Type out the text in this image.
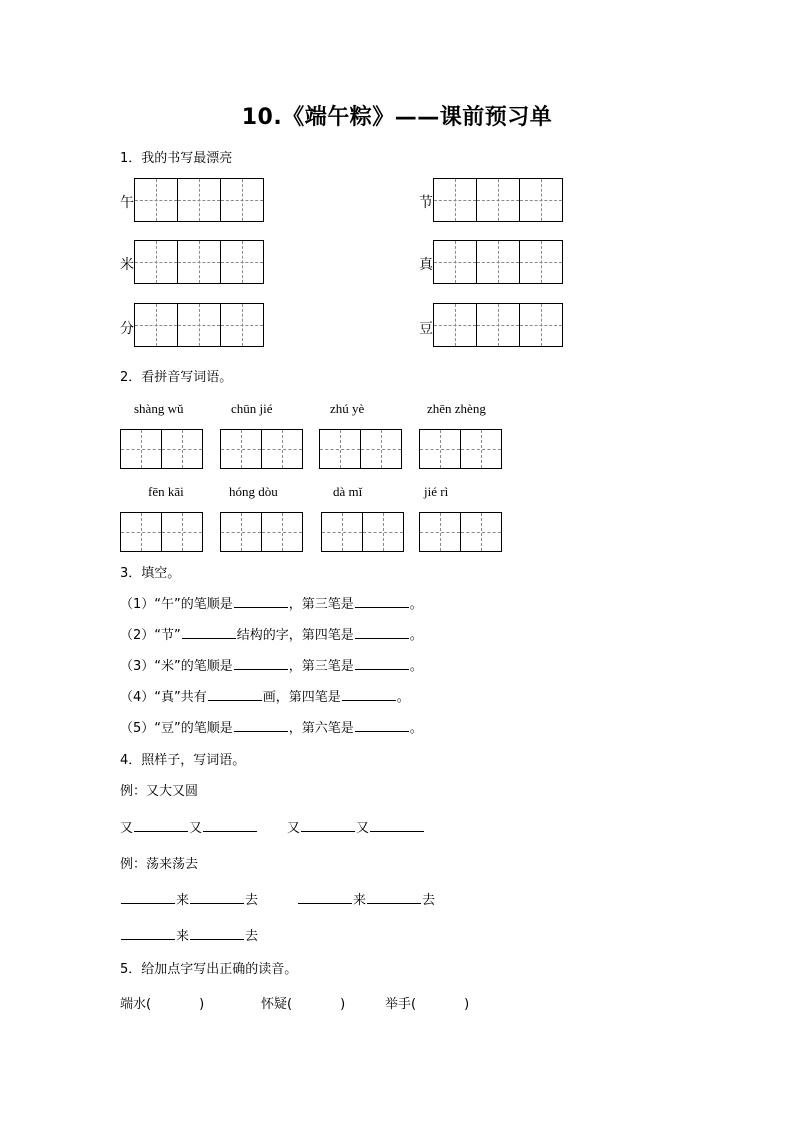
10.《端午粽》——课前预习单
1．我的书写最漂亮
午	节
米	真
分	豆
2．看拼音写词语。
shàng wǔ	chūn jié	zhú yè	zhēn zhèng
fēn kāi	hóng dòu	dà mǐ	jié rì
3．填空。
（1）“午”的笔顺是	，第三笔是	。
（2）“节”	结构的字，第四笔是	。
（3）“米”的笔顺是	，第三笔是	。
（4）“真”共有	画，第四笔是	。
（5）“豆”的笔顺是	，第六笔是	。
4．照样子，写词语。
例：又大又圆
又	又	又	又
例：荡来荡去
来	去	来	去
来	去
5．给加点字写出正确的读音。
端水(	)	怀疑(	)	举手(	)
